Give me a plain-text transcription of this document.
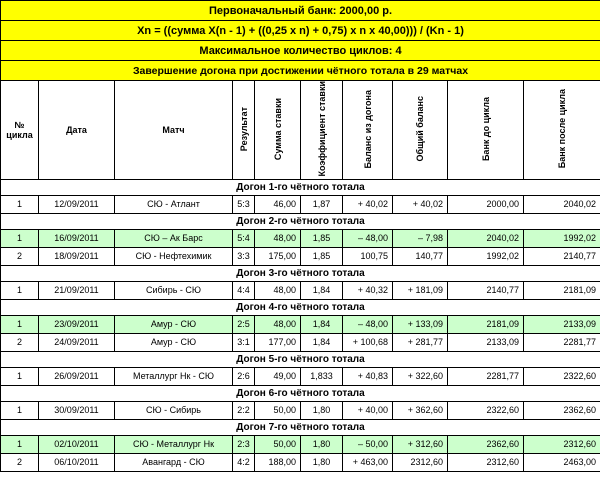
Первоначальный банк: 2000,00 р.									
Xn = ((сумма X(n - 1) + ((0,25 x n) + 0,75) x n x 40,00))) / (Kn - 1)									
Максимальное количество циклов: 4									
Завершение догона при достижении чётного тотала в 29 матчах									
№ цикла	Дата	Матч	Результат	Сумма ставки	Коэффициент ставки	Баланс из догона	Общий баланс	Банк до цикла	Банк после цикла
Догон 1-го чётного тотала									
1	12/09/2011	СЮ - Атлант	5:3	46,00	1,87	+ 40,02	+ 40,02	2000,00	2040,02
Догон 2-го чётного тотала									
1	16/09/2011	СЮ – Ак Барс	5:4	48,00	1,85	– 48,00	– 7,98	2040,02	1992,02
2	18/09/2011	СЮ - Нефтехимик	3:3	175,00	1,85	100,75	140,77	1992,02	2140,77
Догон 3-го чётного тотала									
1	21/09/2011	Сибирь - СЮ	4:4	48,00	1,84	+ 40,32	+ 181,09	2140,77	2181,09
Догон 4-го чётного тотала									
1	23/09/2011	Амур - СЮ	2:5	48,00	1,84	– 48,00	+ 133,09	2181,09	2133,09
2	24/09/2011	Амур - СЮ	3:1	177,00	1,84	+ 100,68	+ 281,77	2133,09	2281,77
Догон 5-го чётного тотала									
1	26/09/2011	Металлург Нк - СЮ	2:6	49,00	1,833	+ 40,83	+ 322,60	2281,77	2322,60
Догон 6-го чётного тотала									
1	30/09/2011	СЮ - Сибирь	2:2	50,00	1,80	+ 40,00	+ 362,60	2322,60	2362,60
Догон 7-го чётного тотала									
1	02/10/2011	СЮ - Металлург Нк	2:3	50,00	1,80	– 50,00	+ 312,60	2362,60	2312,60
2	06/10/2011	Авангард - СЮ	4:2	188,00	1,80	+ 463,00	2312,60	2312,60	2463,00
